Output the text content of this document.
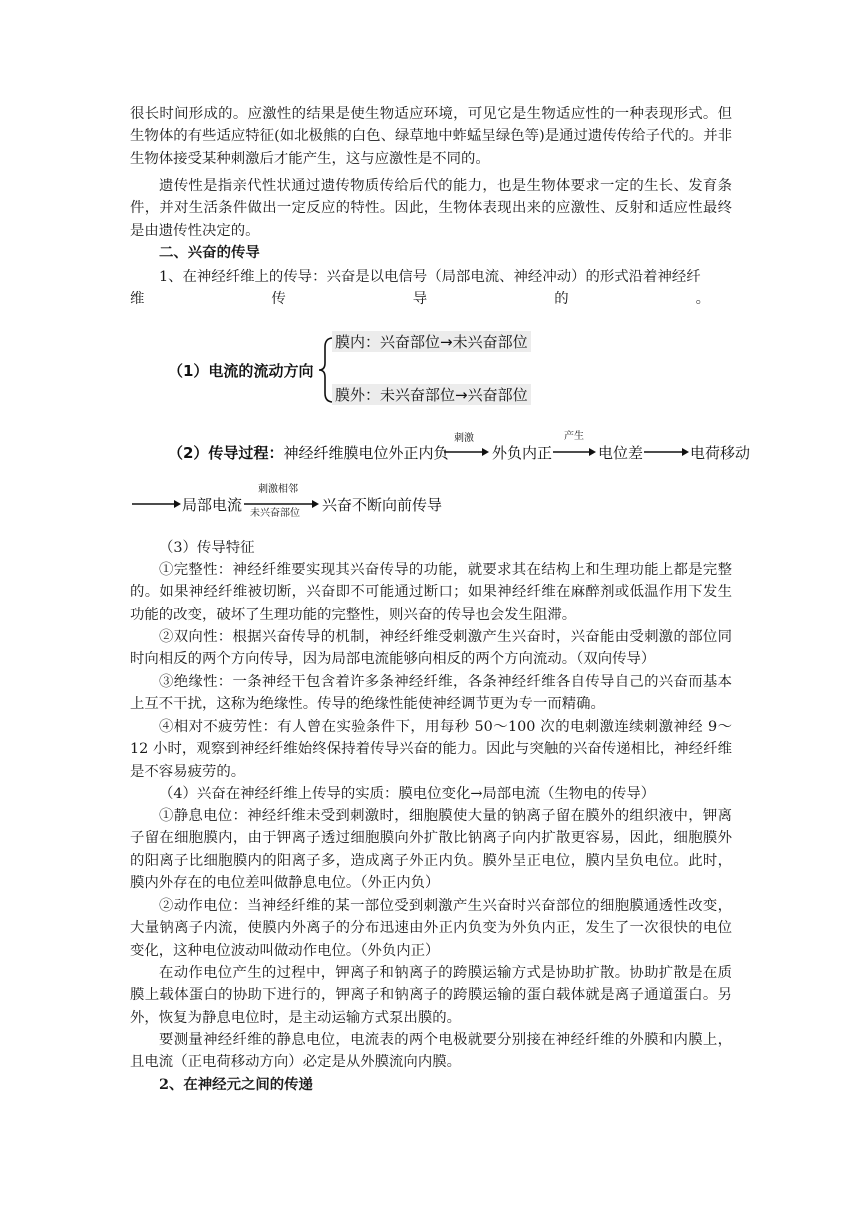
很长时间形成的。应激性的结果是使生物适应环境，可见它是生物适应性的一种表现形式。但生物体的有些适应特征(如北极熊的白色、绿草地中蚱蜢呈绿色等)是通过遗传传给子代的。并非生物体接受某种刺激后才能产生，这与应激性是不同的。

遗传性是指亲代性状通过遗传物质传给后代的能力，也是生物体要求一定的生长、发育条件，并对生活条件做出一定反应的特性。因此，生物体表现出来的应激性、反射和适应性最终是由遗传性决定的。

二、兴奋的传导

1、在神经纤维上的传导：兴奋是以电信号（局部电流、神经冲动）的形式沿着神经纤

维 传 导 的 。

（1）电流的流动方向
膜内：兴奋部位→未兴奋部位
膜外：未兴奋部位→兴奋部位
（2）传导过程：神经纤维膜电位外正内负
刺激
外负内正
产生
电位差	电荷移动
局部电流
刺激相邻
未兴奋部位 兴奋不断向前传导

（3）传导特征

①完整性：神经纤维要实现其兴奋传导的功能，就要求其在结构上和生理功能上都是完整的。如果神经纤维被切断，兴奋即不可能通过断口；如果神经纤维在麻醉剂或低温作用下发生功能的改变，破坏了生理功能的完整性，则兴奋的传导也会发生阻滞。

②双向性：根据兴奋传导的机制，神经纤维受刺激产生兴奋时，兴奋能由受刺激的部位同时向相反的两个方向传导，因为局部电流能够向相反的两个方向流动。（双向传导）

③绝缘性：一条神经干包含着许多条神经纤维，各条神经纤维各自传导自己的兴奋而基本上互不干扰，这称为绝缘性。传导的绝缘性能使神经调节更为专一而精确。

④相对不疲劳性：有人曾在实验条件下，用每秒 50～100 次的电刺激连续刺激神经 9～12 小时，观察到神经纤维始终保持着传导兴奋的能力。因此与突触的兴奋传递相比，神经纤维是不容易疲劳的。

（4）兴奋在神经纤维上传导的实质：膜电位变化→局部电流（生物电的传导）

①静息电位：神经纤维未受到刺激时，细胞膜使大量的钠离子留在膜外的组织液中，钾离子留在细胞膜内，由于钾离子透过细胞膜向外扩散比钠离子向内扩散更容易，因此，细胞膜外的阳离子比细胞膜内的阳离子多，造成离子外正内负。膜外呈正电位，膜内呈负电位。此时，膜内外存在的电位差叫做静息电位。（外正内负）

②动作电位：当神经纤维的某一部位受到刺激产生兴奋时兴奋部位的细胞膜通透性改变，大量钠离子内流，使膜内外离子的分布迅速由外正内负变为外负内正，发生了一次很快的电位变化，这种电位波动叫做动作电位。（外负内正）

在动作电位产生的过程中，钾离子和钠离子的跨膜运输方式是协助扩散。协助扩散是在质膜上载体蛋白的协助下进行的，钾离子和钠离子的跨膜运输的蛋白载体就是离子通道蛋白。另外，恢复为静息电位时，是主动运输方式泵出膜的。

要测量神经纤维的静息电位，电流表的两个电极就要分别接在神经纤维的外膜和内膜上，且电流（正电荷移动方向）必定是从外膜流向内膜。

2、在神经元之间的传递
